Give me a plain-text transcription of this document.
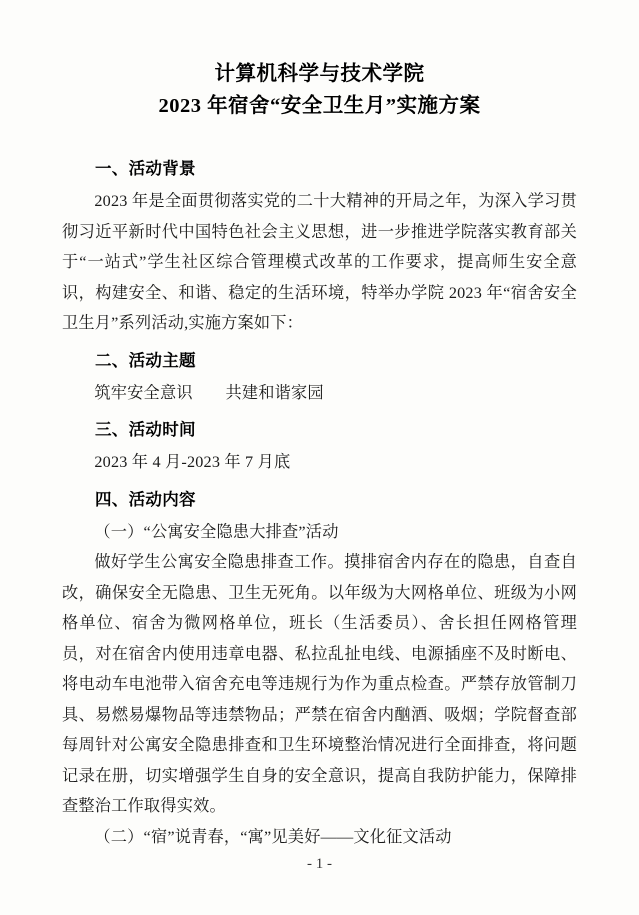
计算机科学与技术学院
2023 年宿舍“安全卫生月”实施方案

一、活动背景

2023 年是全面贯彻落实党的二十大精神的开局之年，为深入学习贯彻习近平新时代中国特色社会主义思想，进一步推进学院落实教育部关于“一站式”学生社区综合管理模式改革的工作要求，提高师生安全意识，构建安全、和谐、稳定的生活环境，特举办学院 2023 年“宿舍安全卫生月”系列活动,实施方案如下：

二、活动主题

筑牢安全意识　　共建和谐家园

三、活动时间

2023 年 4 月-2023 年 7 月底

四、活动内容

（一）“公寓安全隐患大排查”活动

做好学生公寓安全隐患排查工作。摸排宿舍内存在的隐患，自查自改，确保安全无隐患、卫生无死角。以年级为大网格单位、班级为小网格单位、宿舍为微网格单位，班长（生活委员）、舍长担任网格管理员，对在宿舍内使用违章电器、私拉乱扯电线、电源插座不及时断电、将电动车电池带入宿舍充电等违规行为作为重点检查。严禁存放管制刀具、易燃易爆物品等违禁物品；严禁在宿舍内酗酒、吸烟；学院督查部每周针对公寓安全隐患排查和卫生环境整治情况进行全面排查，将问题记录在册，切实增强学生自身的安全意识，提高自我防护能力，保障排查整治工作取得实效。

（二）“宿”说青春，“寓”见美好——文化征文活动

- 1 -
